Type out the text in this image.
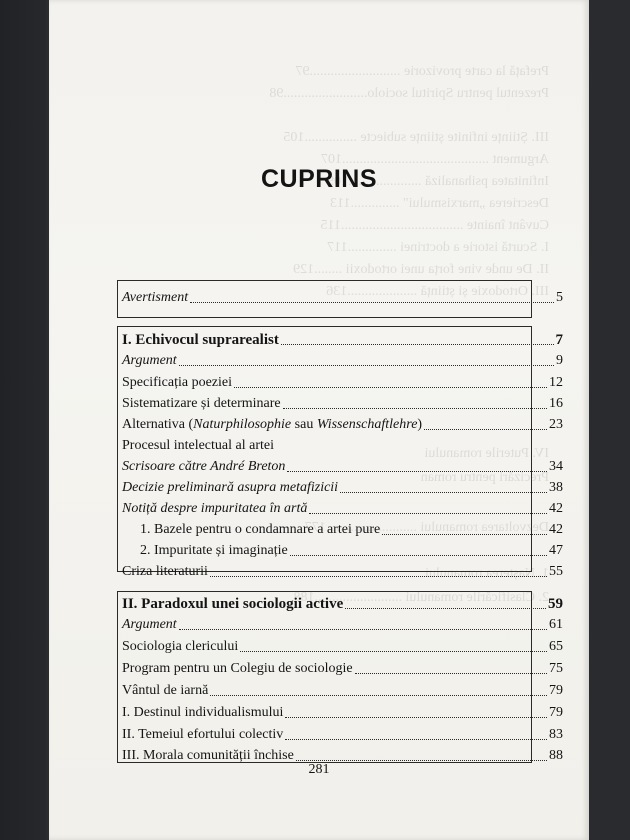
Prefață la carte provizorie ..........................97
Prezentul pentru Spiritul sociolo........................98
III. Științe infinite științe subiecte ...............105
Argument ..........................................107
Infinitatea psihanaliză .....................109
Descrierea „marxismului" ..............113
Cuvânt înainte ...................................115
I. Scurtă istorie a doctrinei ..............117
II. De unde vine forța unei ortodoxii ........129
III. Ortodoxie și știință ....................136
IV. Puterile romanului
Precizări pentru roman
Dezvoltarea romanului ..........................177
1. Nașterea romanului
2. Clasificările romanului .........................188
CUPRINS
Avertisment	5
I. Echivocul suprarealist	7
Argument	9
Specificația poeziei	12
Sistematizare și determinare	16
Alternativa (Naturphilosophie sau Wissenschaftlehre)	23
Procesul intelectual al artei
Scrisoare către André Breton	34
Decizie preliminară asupra metafizicii	38
Notiță despre impuritatea în artă	42
1. Bazele pentru o condamnare a artei pure	42
2. Impuritate și imaginație	47
Criza literaturii	55
II. Paradoxul unei sociologii active	59
Argument	61
Sociologia clericului	65
Program pentru un Colegiu de sociologie	75
Vântul de iarnă	79
I. Destinul individualismului	79
II. Temeiul efortului colectiv	83
III. Morala comunității închise	88
281
